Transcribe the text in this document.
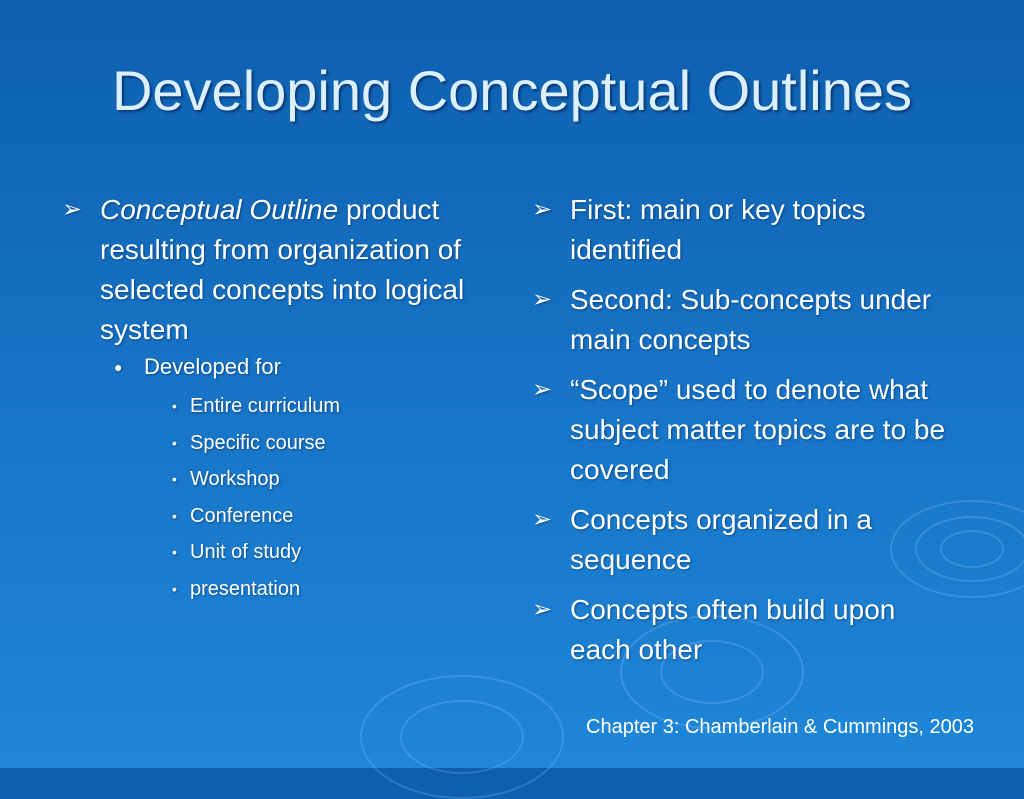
Developing Conceptual Outlines
➢ Conceptual Outline product resulting from organization of selected concepts into logical system
● Developed for
• Entire curriculum
• Specific course
• Workshop
• Conference
• Unit of study
• presentation
➢ First: main or key topics identified
➢ Second: Sub-concepts under main concepts
➢ “Scope” used to denote what subject matter topics are to be covered
➢ Concepts organized in a sequence
➢ Concepts often build upon each other
Chapter 3: Chamberlain & Cummings, 2003
